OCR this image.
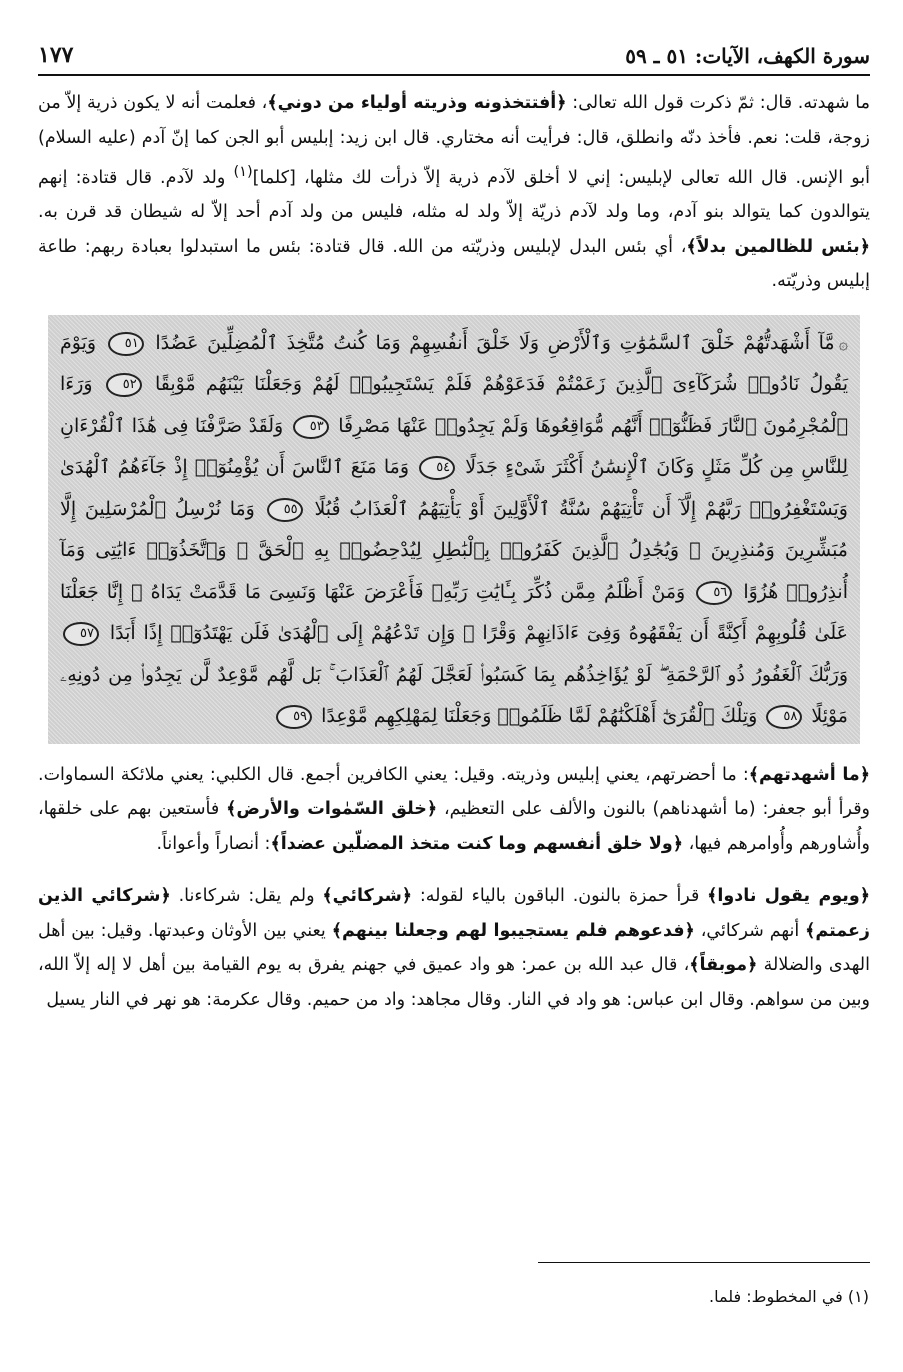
سورة الكهف، الآيات: ٥١ ـ ٥٩
١٧٧

ما شهدته. قال: ثمّ ذكرت قول الله تعالى: ﴿أفتتخذونه وذريته أولياء من دوني﴾، فعلمت أنه لا يكون ذرية إلاّ من زوجة، قلت: نعم. فأخذ دنّه وانطلق، قال: فرأيت أنه مختاري. قال ابن زيد: إبليس أبو الجن كما إنّ آدم (عليه السلام) أبو الإنس. قال الله تعالى لإبليس: إني لا أخلق لآدم ذرية إلاّ ذرأت لك مثلها، [كلما]$^{(١)}$ ولد لآدم. قال قتادة: إنهم يتوالدون كما يتوالد بنو آدم، وما ولد لآدم ذريّة إلاّ ولد له مثله، فليس من ولد آدم أحد إلاّ له شيطان قد قرن به. ﴿بئس للظالمين بدلاً﴾، أي بئس البدل لإبليس وذريّته من الله. قال قتادة: بئس ما استبدلوا بعبادة ربهم: طاعة إبليس وذريّته.

۞مَّآ أَشْهَدتُّهُمْ خَلْقَ ٱلسَّمَٰوَٰتِ وَٱلْأَرْضِ وَلَا خَلْقَ أَنفُسِهِمْ وَمَا كُنتُ مُتَّخِذَ ٱلْمُضِلِّينَ عَضُدًا ٥١ وَيَوْمَ يَقُولُ نَادُوا۟ شُرَكَآءِىَ ٱلَّذِينَ زَعَمْتُمْ فَدَعَوْهُمْ فَلَمْ يَسْتَجِيبُوا۟ لَهُمْ وَجَعَلْنَا بَيْنَهُم مَّوْبِقًا ٥٢ وَرَءَا ٱلْمُجْرِمُونَ ٱلنَّارَ فَظَنُّوٓا۟ أَنَّهُم مُّوَاقِعُوهَا وَلَمْ يَجِدُوا۟ عَنْهَا مَصْرِفًا ٥٣ وَلَقَدْ صَرَّفْنَا فِى هَٰذَا ٱلْقُرْءَانِ لِلنَّاسِ مِن كُلِّ مَثَلٍ وَكَانَ ٱلْإِنسَٰنُ أَكْثَرَ شَىْءٍ جَدَلًا ٥٤ وَمَا مَنَعَ ٱلنَّاسَ أَن يُؤْمِنُوٓا۟ إِذْ جَآءَهُمُ ٱلْهُدَىٰ وَيَسْتَغْفِرُوا۟ رَبَّهُمْ إِلَّآ أَن تَأْتِيَهُمْ سُنَّةُ ٱلْأَوَّلِينَ أَوْ يَأْتِيَهُمُ ٱلْعَذَابُ قُبُلًا ٥٥ وَمَا نُرْسِلُ ٱلْمُرْسَلِينَ إِلَّا مُبَشِّرِينَ وَمُنذِرِينَ ۚ وَيُجَٰدِلُ ٱلَّذِينَ كَفَرُوا۟ بِٱلْبَٰطِلِ لِيُدْحِضُوا۟ بِهِ ٱلْحَقَّ ۖ وَٱتَّخَذُوٓا۟ ءَايَٰتِى وَمَآ أُنذِرُوا۟ هُزُوًا ٥٦ وَمَنْ أَظْلَمُ مِمَّن ذُكِّرَ بِـَٔايَٰتِ رَبِّهِۦ فَأَعْرَضَ عَنْهَا وَنَسِىَ مَا قَدَّمَتْ يَدَاهُ ۚ إِنَّا جَعَلْنَا عَلَىٰ قُلُوبِهِمْ أَكِنَّةً أَن يَفْقَهُوهُ وَفِىٓ ءَاذَانِهِمْ وَقْرًا ۖ وَإِن تَدْعُهُمْ إِلَى ٱلْهُدَىٰ فَلَن يَهْتَدُوٓا۟ إِذًا أَبَدًا ٥٧ وَرَبُّكَ ٱلْغَفُورُ ذُو ٱلرَّحْمَةِ ۖ لَوْ يُؤَاخِذُهُم بِمَا كَسَبُوا۟ لَعَجَّلَ لَهُمُ ٱلْعَذَابَ ۚ بَل لَّهُم مَّوْعِدٌ لَّن يَجِدُوا۟ مِن دُونِهِۦ مَوْئِلًا ٥٨ وَتِلْكَ ٱلْقُرَىٰٓ أَهْلَكْنَٰهُمْ لَمَّا ظَلَمُوا۟ وَجَعَلْنَا لِمَهْلِكِهِم مَّوْعِدًا ٥٩

﴿ما أشهدتهم﴾: ما أحضرتهم، يعني إبليس وذريته. وقيل: يعني الكافرين أجمع. قال الكلبي: يعني ملائكة السماوات. وقرأ أبو جعفر: (ما أشهدناهم) بالنون والألف على التعظيم، ﴿خلق السّمٰوات والأرض﴾ فأستعين بهم على خلقها، وأُشاورهم وأُوامرهم فيها، ﴿ولا خلق أنفسهم وما كنت متخذ المضلّين عضداً﴾: أنصاراً وأعواناً.

﴿ويوم يقول نادوا﴾ قرأ حمزة بالنون. الباقون بالياء لقوله: ﴿شركائي﴾ ولم يقل: شركاءنا. ﴿شركائي الذين زعمتم﴾ أنهم شركائي، ﴿فدعوهم فلم يستجيبوا لهم وجعلنا بينهم﴾ يعني بين الأوثان وعبدتها. وقيل: بين أهل الهدى والضلالة ﴿موبقاً﴾، قال عبد الله بن عمر: هو واد عميق في جهنم يفرق به يوم القيامة بين أهل لا إله إلاّ الله، وبين من سواهم. وقال ابن عباس: هو واد في النار. وقال مجاهد: واد من حميم. وقال عكرمة: هو نهر في النار يسيل

(١) في المخطوط: فلما.
